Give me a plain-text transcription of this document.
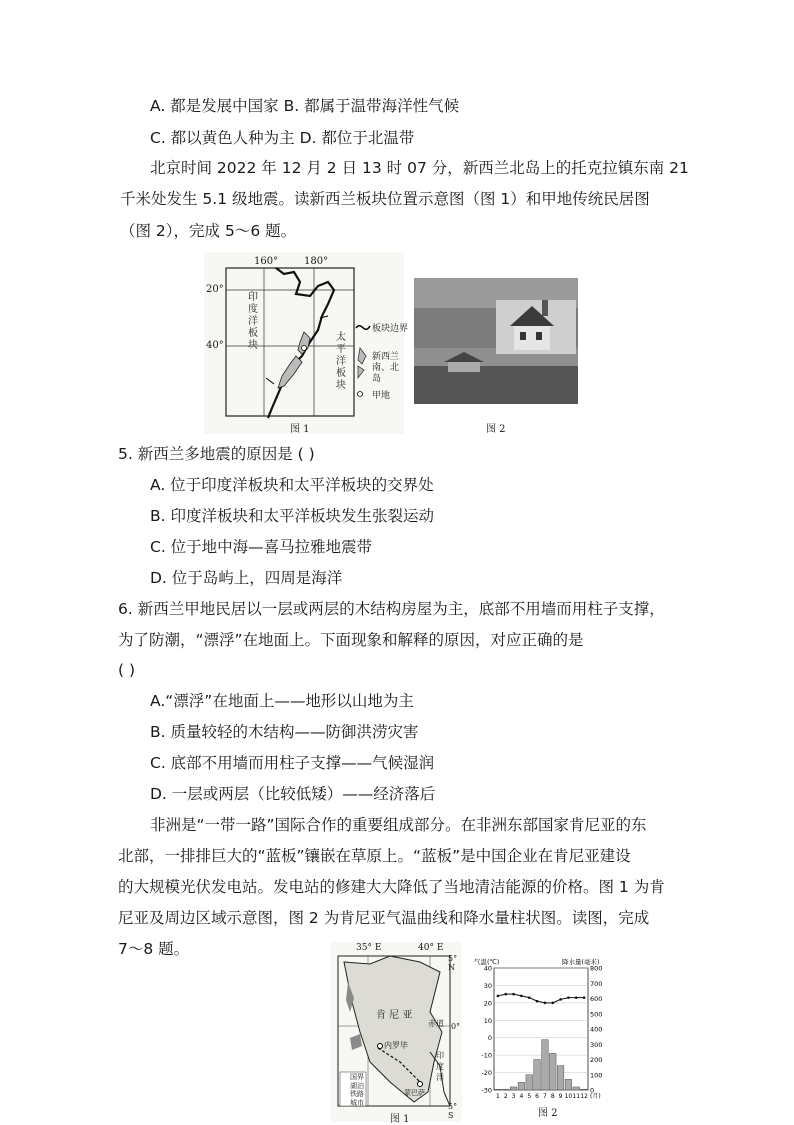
A. 都是发展中国家 B. 都属于温带海洋性气候
C. 都以黄色人种为主 D. 都位于北温带
北京时间 2022 年 12 月 2 日 13 时 07 分，新西兰北岛上的托克拉镇东南 21
千米处发生 5.1 级地震。读新西兰板块位置示意图（图 1）和甲地传统民居图
（图 2），完成 5～6 题。
160°	180°
20°
40°
印
度
洋
板
块
太
平
洋
板
块
图 1
板块边界
新西兰南、北岛
甲地
图 2
5. 新西兰多地震的原因是 ( )
A. 位于印度洋板块和太平洋板块的交界处
B. 印度洋板块和太平洋板块发生张裂运动
C. 位于地中海—喜马拉雅地震带
D. 位于岛屿上，四周是海洋
6. 新西兰甲地民居以一层或两层的木结构房屋为主，底部不用墙而用柱子支撑，
为了防潮，“漂浮”在地面上。下面现象和解释的原因，对应正确的是
( )
A.“漂浮”在地面上——地形以山地为主
B. 质量较轻的木结构——防御洪涝灾害
C. 底部不用墙而用柱子支撑——气候湿润
D. 一层或两层（比较低矮）——经济落后
非洲是“一带一路”国际合作的重要组成部分。在非洲东部国家肯尼亚的东
北部，一排排巨大的“蓝板”镶嵌在草原上。“蓝板”是中国企业在肯尼亚建设
的大规模光伏发电站。发电站的修建大大降低了当地清洁能源的价格。图 1 为肯
尼亚及周边区域示意图，图 2 为肯尼亚气温曲线和降水量柱状图。读图，完成
7～8 题。	35° E	40° E
5° N
0°
5° S
肯 尼 亚
赤道
内罗毕
蒙巴萨
印
度
洋
国界
湖泊
铁路
城市
图 1
40
30
20
10
0
-10
-20
-30
800
700
600
500
400
300
200
100
0
气温(℃)	降水量(毫米)
1 2 3 4 5 6 7 8 9 10 11 12 (月)
图 2
